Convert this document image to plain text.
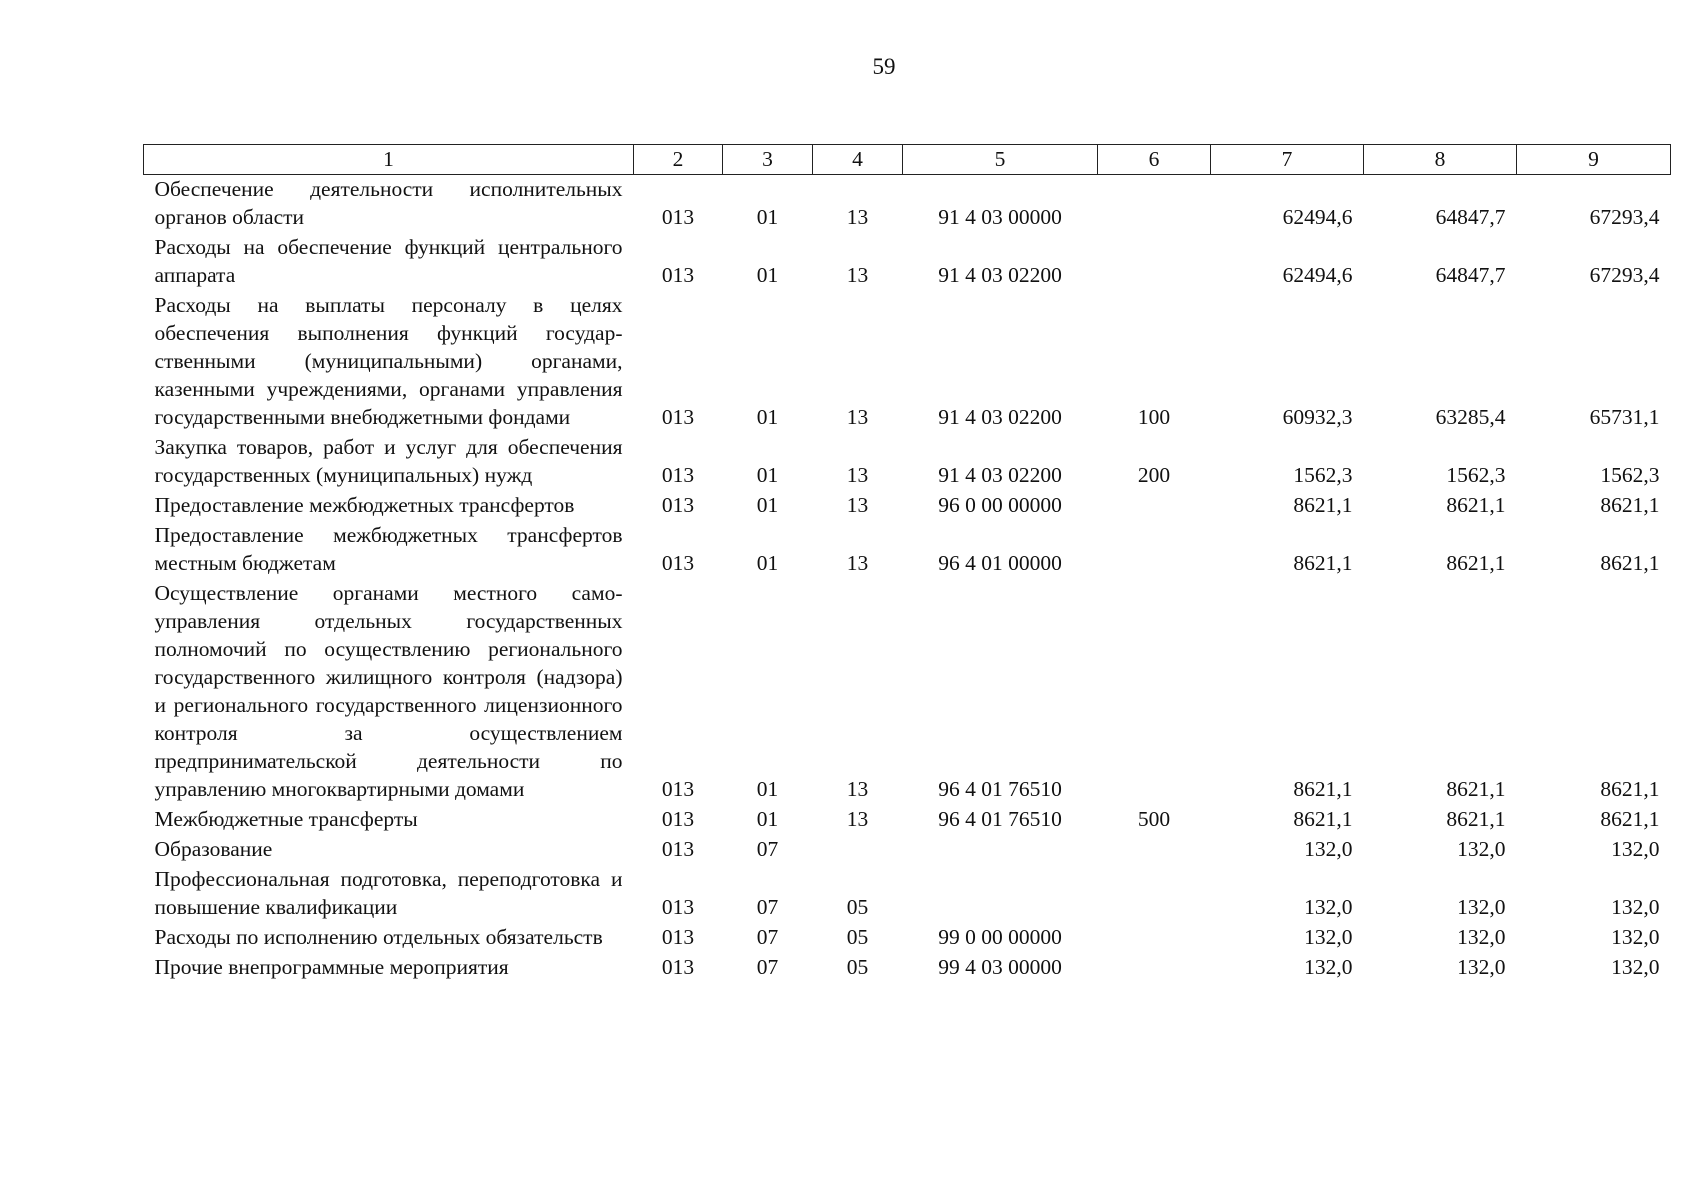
59
1	2	3	4	5	6	7	8	9
Обеспечение деятельности исполнительных органов области	013	01	13	91 4 03 00000		62494,6	64847,7	67293,4
Расходы на обеспечение функций центрального аппарата	013	01	13	91 4 03 02200		62494,6	64847,7	67293,4
Расходы на выплаты персоналу в целях обеспечения выполнения функций государственными (муниципальными) органами, казенными учреждениями, органами управления государственными внебюджетными фондами	013	01	13	91 4 03 02200	100	60932,3	63285,4	65731,1
Закупка товаров, работ и услуг для обеспечения государственных (муниципальных) нужд	013	01	13	91 4 03 02200	200	1562,3	1562,3	1562,3
Предоставление межбюджетных трансфертов	013	01	13	96 0 00 00000		8621,1	8621,1	8621,1
Предоставление межбюджетных трансфертов местным бюджетам	013	01	13	96 4 01 00000		8621,1	8621,1	8621,1
Осуществление органами местного самоуправления отдельных государственных полномочий по осуществлению регионального государственного жилищного контроля (надзора) и регионального государственного лицензионного контроля за осуществлением предпринимательской деятельности по управлению многоквартирными домами	013	01	13	96 4 01 76510		8621,1	8621,1	8621,1
Межбюджетные трансферты	013	01	13	96 4 01 76510	500	8621,1	8621,1	8621,1
Образование	013	07				132,0	132,0	132,0
Профессиональная подготовка, переподготовка и повышение квалификации	013	07	05			132,0	132,0	132,0
Расходы по исполнению отдельных обязательств	013	07	05	99 0 00 00000		132,0	132,0	132,0
Прочие внепрограммные мероприятия	013	07	05	99 4 03 00000		132,0	132,0	132,0
